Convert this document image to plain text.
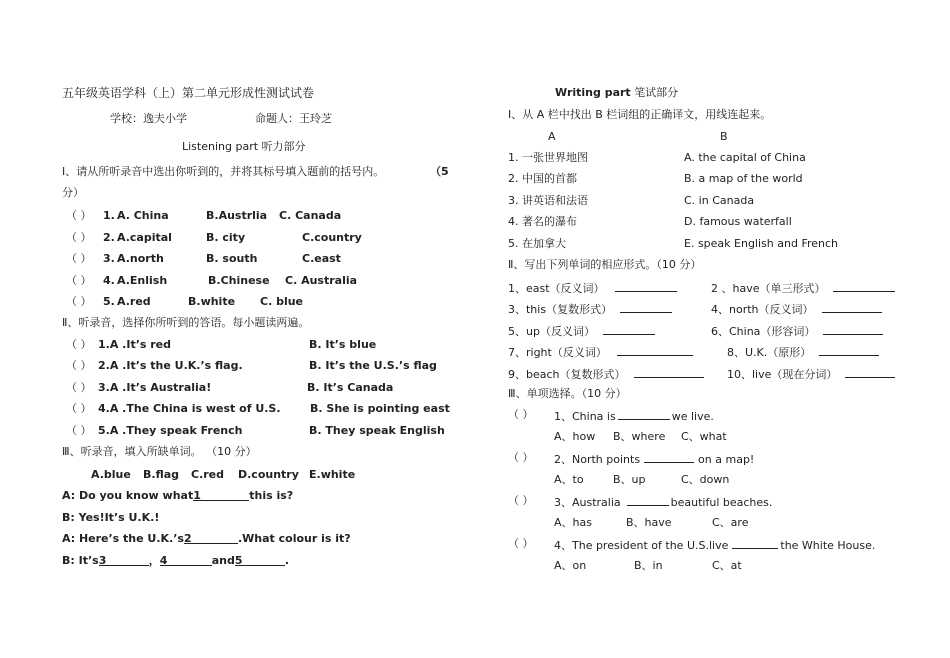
五年级英语学科（上）第二单元形成性测试试卷
学校：逸夫小学	命题人：王玲芝
Listening part 听力部分
Ⅰ、请从所听录音中选出你听到的，并将其标号填入题前的括号内。	（5
分）
（ ） 1. A. China	B.Austrlia C. Canada
（ ） 2. A.capital	B. city	C.country
（ ） 3. A.north	B. south	C.east
（ ） 4. A.Enlish	B.Chinese C. Australia
（ ） 5. A.red	B.white C. blue
Ⅱ、听录音，选择你所听到的答语。每小题读两遍。
（ ） 1.A .It’s red	B. It’s blue
（ ） 2.A .It’s the U.K.’s flag.	B. It’s the U.S.’s flag
（ ） 3.A .It’s Australia!	B. It’s Canada
（ ） 4.A .The China is west of U.S.	B. She is pointing east
（ ） 5.A .They speak French	B. They speak English
Ⅲ、听录音，填入所缺单词。 （10 分）
A.blue B.flag C.red D.country E.white
A: Do you know what1	this is?
B: Yes!It’s U.K.!
A: Here’s the U.K.’s2	.What colour is it?
B: It’s3	，4	and5	.
Writing part 笔试部分
Ⅰ、从 A 栏中找出 B 栏词组的正确译文，用线连起来。
A	B
1. 一张世界地图	A. the capital of China
2. 中国的首都	B. a map of the world
3. 讲英语和法语	C. in Canada
4. 著名的瀑布	D. famous waterfall
5. 在加拿大	E. speak English and French
Ⅱ、写出下列单词的相应形式。（10 分）
1、east（反义词）	2 、have（单三形式）
3、this（复数形式）	4、north（反义词）
5、up（反义词）	6、China（形容词）
7、right（反义词）	8、U.K.（原形）
9、beach（复数形式）	10、live（现在分词）
Ⅲ、单项选择。（10 分）
（ ） 1、China is	we live.
A、how B、where C、what
（ ） 2、North points	on a map!
A、to	B、up	C、down
（ ） 3、Australia	beautiful beaches.
A、has	B、have	C、are
（ ） 4、The president of the U.S.live	the White House.
A、on	B、in	C、at
